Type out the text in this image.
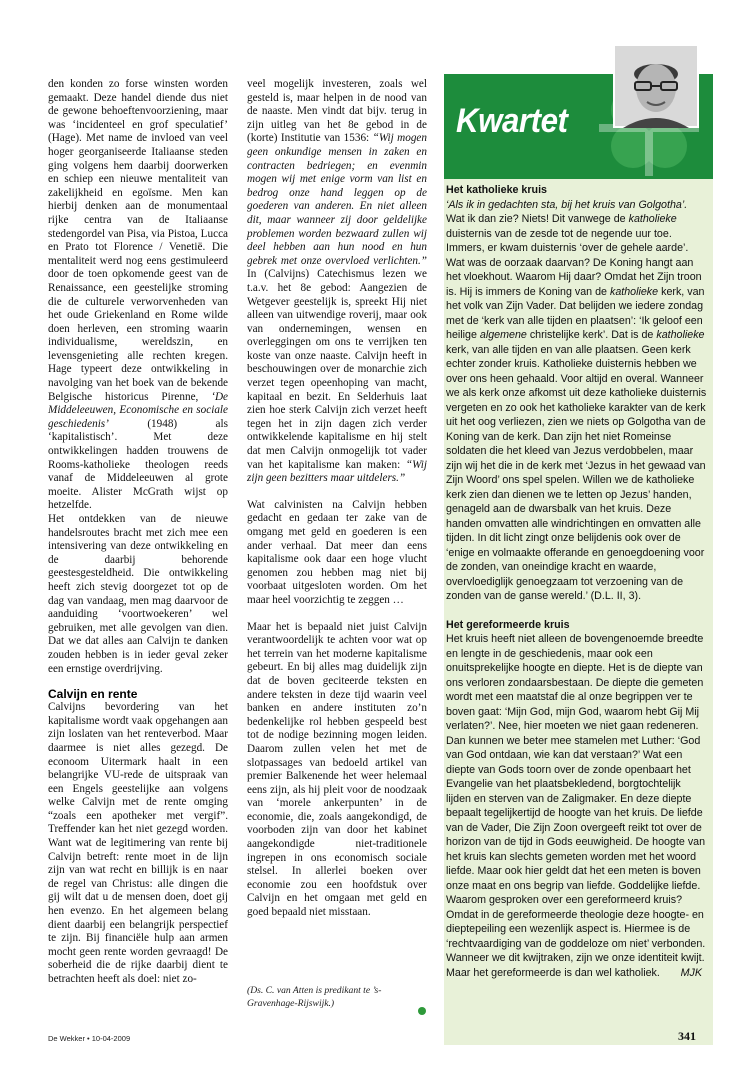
den konden zo forse winsten worden gemaakt. Deze handel diende dus niet de gewone behoeftenvoorziening, maar was ‘incidenteel en grof speculatief’ (Hage). Met name de invloed van veel hoger georganiseerde Italiaanse steden ging volgens hem daarbij doorwerken en schiep een nieuwe mentaliteit van zakelijkheid en egoïsme. Men kan hierbij denken aan de monumentaal rijke centra van de Italiaanse stedengordel van Pisa, via Pistoa, Lucca en Prato tot Florence / Venetië. Die mentaliteit werd nog eens gestimuleerd door de toen opkomende geest van de Renaissance, een geestelijke stroming die de culturele verworvenheden van het oude Griekenland en Rome wilde doen herleven, een stroming waarin individualisme, wereldszin, en levensgenieting alle rechten kregen. Hage typeert deze ontwikkeling in navolging van het boek van de bekende Belgische historicus Pirenne, ‘De Middeleeuwen, Economische en sociale geschiedenis’	(1948) als ‘kapitalistisch’. Met deze ontwikkelingen hadden trouwens de Rooms-katholieke theologen reeds vanaf de Middeleeuwen al grote moeite. Alister McGrath wijst op hetzelfde.

Het ontdekken van de nieuwe handelsroutes bracht met zich mee een intensivering van deze ontwikkeling en de daarbij behorende geestesgesteldheid. Die ontwikkeling heeft zich stevig doorgezet tot op de dag van vandaag, men mag daarvoor de aanduiding ‘voortwoekeren’ wel gebruiken, met alle gevolgen van dien. Dat we dat alles aan Calvijn te danken zouden hebben is in ieder geval zeker een ernstige overdrijving.

Calvijn en rente

Calvijns bevordering van het kapitalisme wordt vaak opgehangen aan zijn loslaten van het renteverbod. Maar daarmee is niet alles gezegd. De econoom Uitermark haalt in een belangrijke VU-rede de uitspraak van een Engels geestelijke aan volgens welke Calvijn met de rente omging “zoals een apotheker met vergif”. Treffender kan het niet gezegd worden. Want wat de legitimering van rente bij Calvijn betreft: rente moet in de lijn zijn van wat recht en billijk is en naar de regel van Christus: alle dingen die gij wilt dat u de mensen doen, doet gij hen evenzo. En het algemeen belang dient daarbij een belangrijk perspectief te zijn. Bij financiële hulp aan armen mocht geen rente worden gevraagd! De soberheid die de rijke daarbij dient te betrachten heeft als doel: niet zo-

veel mogelijk investeren, zoals wel gesteld is, maar helpen in de nood van de naaste. Men vindt dat bijv. terug in zijn uitleg van het 8e gebod in de (korte) Institutie van 1536: “Wij mogen geen onkundige mensen in zaken en contracten bedriegen; en evenmin mogen wij met enige vorm van list en bedrog onze hand leggen op de goederen van anderen. En niet alleen dit, maar wanneer zij door geldelijke problemen worden bezwaard zullen wij deel hebben aan hun nood en hun gebrek met onze overvloed verlichten.” In (Calvijns) Catechismus lezen we t.a.v. het 8e gebod: Aangezien de Wetgever geestelijk is, spreekt Hij niet alleen van uitwendige roverij, maar ook van ondernemingen, wensen en overleggingen om ons te verrijken ten koste van onze naaste. Calvijn heeft in beschouwingen over de monarchie zich verzet tegen opeenhoping van macht, kapitaal en bezit. En Selderhuis laat zien hoe sterk Calvijn zich verzet heeft tegen het in zijn dagen zich verder ontwikkelende kapitalisme en hij stelt dat men Calvijn onmogelijk tot vader van het kapitalisme kan maken: “Wij zijn geen bezitters maar uitdelers.”

Wat calvinisten na Calvijn hebben gedacht en gedaan ter zake van de omgang met geld en goederen is een ander verhaal. Dat meer dan eens kapitalisme ook daar een hoge vlucht genomen zou hebben mag niet bij voorbaat uitgesloten worden. Om het maar heel voorzichtig te zeggen …

Maar het is bepaald niet juist Calvijn verantwoordelijk te achten voor wat op het terrein van het moderne kapitalisme gebeurt. En bij alles mag duidelijk zijn dat de boven geciteerde teksten en andere teksten in deze tijd waarin veel banken en andere instituten zo’n bedenkelijke rol hebben gespeeld best tot de nodige bezinning mogen leiden. Daarom zullen velen het met de slotpassages van bedoeld artikel van premier Balkenende het weer helemaal eens zijn, als hij pleit voor de noodzaak van ‘morele ankerpunten’ in de economie, die, zoals aangekondigd, de voorboden zijn van door het kabinet aangekondigde niet-traditionele ingrepen in ons economisch sociale stelsel. In allerlei boeken over economie zou een hoofdstuk over Calvijn en het omgaan met geld en goed bepaald niet misstaan.

(Ds. C. van Atten is predikant te ’s-Gravenhage-Rijswijk.)
Kwartet
Het katholieke kruis

‘Als ik in gedachten sta, bij het kruis van Golgotha’.

Wat ik dan zie? Niets! Dit vanwege de katholieke duisternis van de zesde tot de negende uur toe. Immers, er kwam duisternis ‘over de gehele aarde’. Wat was de oorzaak daarvan? De Koning hangt aan het vloekhout. Waarom Hij daar? Omdat het Zijn troon is. Hij is immers de Koning van de katholieke kerk, van het volk van Zijn Vader. Dat belijden we iedere zondag met de ‘kerk van alle tijden en plaatsen’: ‘Ik geloof een heilige algemene christelijke kerk’. Dat is de katholieke kerk, van alle tijden en van alle plaatsen. Geen kerk echter zonder kruis. Katholieke duisternis hebben we over ons heen gehaald. Voor altijd en overal. Wanneer we als kerk onze afkomst uit deze katholieke duisternis vergeten en zo ook het katholieke karakter van de kerk uit het oog verliezen, zien we niets op Golgotha van de Koning van de kerk. Dan zijn het niet Romeinse soldaten die het kleed van Jezus verdobbelen, maar zijn wij het die in de kerk met ‘Jezus in het gewaad van Zijn Woord’ ons spel spelen. Willen we de katholieke kerk zien dan dienen we te letten op Jezus’ handen, genageld aan de dwarsbalk van het kruis. Deze handen omvatten alle windrichtingen en omvatten alle tijden. In dit licht zingt onze belijdenis ook over de ‘enige en volmaakte offerande en genoegdoening voor de zonden, van oneindige kracht en waarde, overvloediglijk genoegzaam tot verzoening van de zonden van de ganse wereld.’ (D.L. II, 3).

Het gereformeerde kruis

Het kruis heeft niet alleen de bovengenoemde breedte en lengte in de geschiedenis, maar ook een onuitsprekelijke hoogte en diepte. Het is de diepte van ons verloren zondaarsbestaan. De diepte die gemeten wordt met een maatstaf die al onze begrippen ver te boven gaat: ‘Mijn God, mijn God, waarom hebt Gij Mij verlaten?’. Nee, hier moeten we niet gaan redeneren. Dan kunnen we beter mee stamelen met Luther: ‘God van God ontdaan, wie kan dat verstaan?’ Wat een diepte van Gods toorn over de zonde openbaart het Evangelie van het plaatsbekledend, borgtochtelijk lijden en sterven van de Zaligmaker. En deze diepte bepaalt tegelijkertijd de hoogte van het kruis. De liefde van de Vader, Die Zijn Zoon overgeeft reikt tot over de horizon van de tijd in Gods eeuwigheid. De hoogte van het kruis kan slechts gemeten worden met het woord liefde. Maar ook hier geldt dat het een meten is boven onze maat en ons begrip van liefde. Goddelijke liefde.

Waarom gesproken over een gereformeerd kruis? Omdat in de gereformeerde theologie deze hoogte- en dieptepeiling een wezenlijk aspect is. Hiermee is de ‘rechtvaardiging van de goddeloze om niet’ verbonden. Wanneer we dit kwijtraken, zijn we onze identiteit kwijt. Maar het gereformeerde is dan wel katholiek. MJK

De Wekker • 10-04-2009	341
